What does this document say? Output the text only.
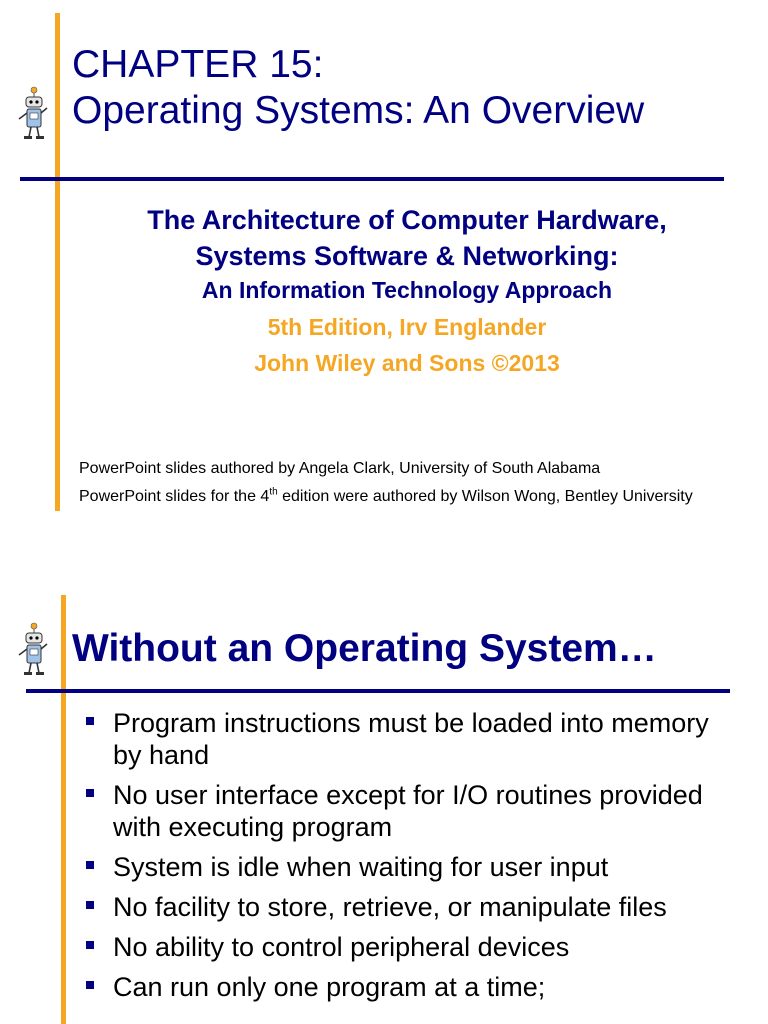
CHAPTER 15:
Operating Systems: An Overview
The Architecture of Computer Hardware,
Systems Software & Networking:
An Information Technology Approach
5th Edition, Irv Englander
John Wiley and Sons ©2013
PowerPoint slides authored by Angela Clark, University of South Alabama
PowerPoint slides for the 4th edition were authored by Wilson Wong, Bentley University
Without an Operating System…
Program instructions must be loaded into memory by hand
No user interface except for I/O routines provided with executing program
System is idle when waiting for user input
No facility to store, retrieve, or manipulate files
No ability to control peripheral devices
Can run only one program at a time;
